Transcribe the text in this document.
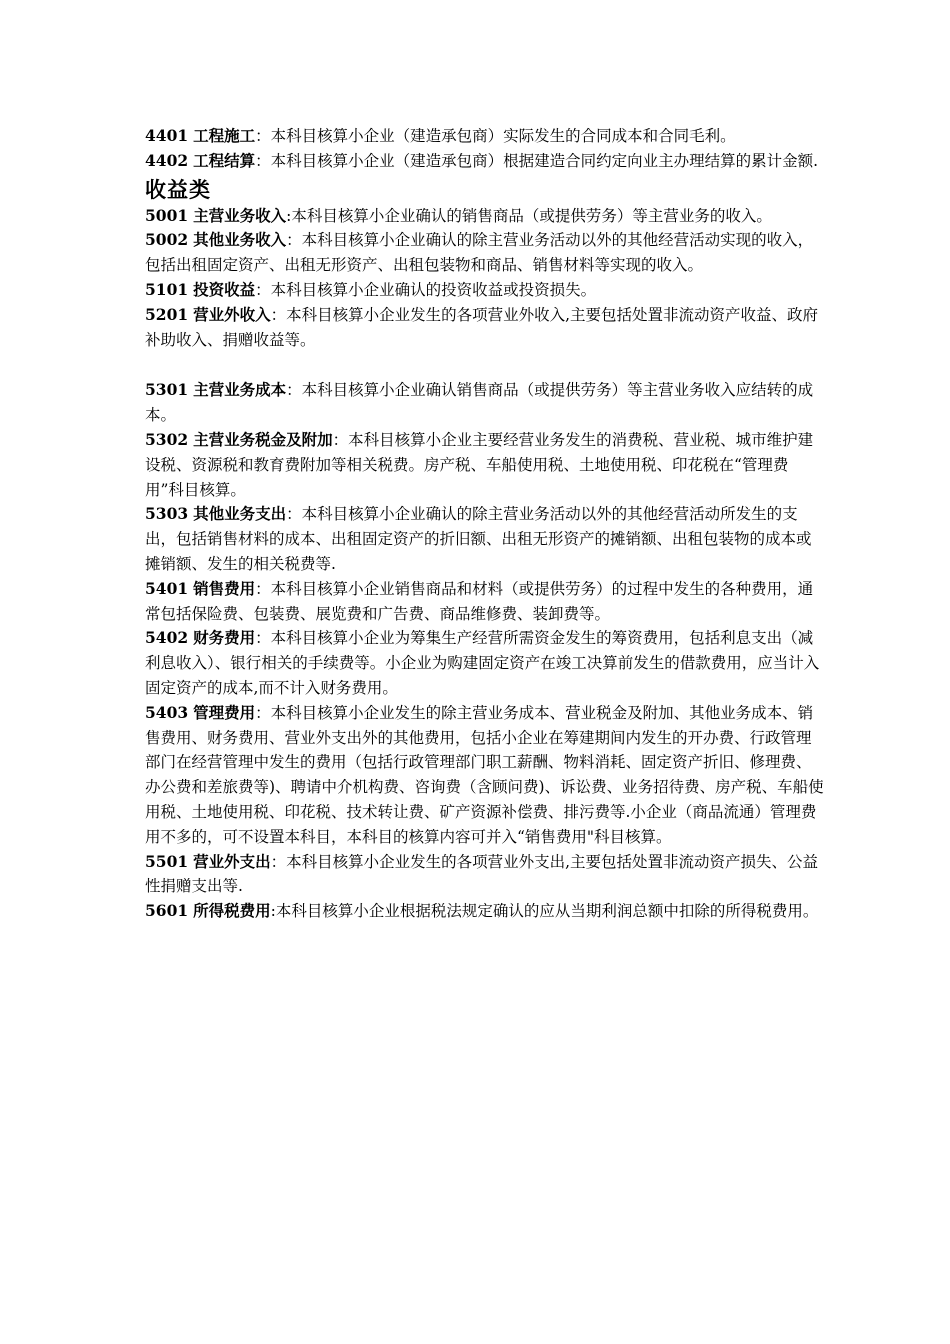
4401 工程施工：本科目核算小企业（建造承包商）实际发生的合同成本和合同毛利。

4402 工程结算：本科目核算小企业（建造承包商）根据建造合同约定向业主办理结算的累计金额.

收益类

5001 主营业务收入:本科目核算小企业确认的销售商品（或提供劳务）等主营业务的收入。

5002 其他业务收入：本科目核算小企业确认的除主营业务活动以外的其他经营活动实现的收入，包括出租固定资产、出租无形资产、出租包装物和商品、销售材料等实现的收入。

5101 投资收益：本科目核算小企业确认的投资收益或投资损失。

5201 营业外收入：本科目核算小企业发生的各项营业外收入,主要包括处置非流动资产收益、政府补助收入、捐赠收益等。

5301 主营业务成本：本科目核算小企业确认销售商品（或提供劳务）等主营业务收入应结转的成本。

5302 主营业务税金及附加：本科目核算小企业主要经营业务发生的消费税、营业税、城市维护建设税、资源税和教育费附加等相关税费。房产税、车船使用税、土地使用税、印花税在“管理费用”科目核算。

5303 其他业务支出：本科目核算小企业确认的除主营业务活动以外的其他经营活动所发生的支出，包括销售材料的成本、出租固定资产的折旧额、出租无形资产的摊销额、出租包装物的成本或摊销额、发生的相关税费等.

5401 销售费用：本科目核算小企业销售商品和材料（或提供劳务）的过程中发生的各种费用，通常包括保险费、包装费、展览费和广告费、商品维修费、装卸费等。

5402 财务费用：本科目核算小企业为筹集生产经营所需资金发生的筹资费用，包括利息支出（减利息收入）、银行相关的手续费等。小企业为购建固定资产在竣工决算前发生的借款费用，应当计入固定资产的成本,而不计入财务费用。

5403 管理费用：本科目核算小企业发生的除主营业务成本、营业税金及附加、其他业务成本、销售费用、财务费用、营业外支出外的其他费用，包括小企业在筹建期间内发生的开办费、行政管理部门在经营管理中发生的费用（包括行政管理部门职工薪酬、物料消耗、固定资产折旧、修理费、办公费和差旅费等)、聘请中介机构费、咨询费（含顾问费)、诉讼费、业务招待费、房产税、车船使用税、土地使用税、印花税、技术转让费、矿产资源补偿费、排污费等.小企业（商品流通）管理费用不多的，可不设置本科目，本科目的核算内容可并入“销售费用"科目核算。

5501 营业外支出：本科目核算小企业发生的各项营业外支出,主要包括处置非流动资产损失、公益性捐赠支出等.

5601 所得税费用:本科目核算小企业根据税法规定确认的应从当期利润总额中扣除的所得税费用。
